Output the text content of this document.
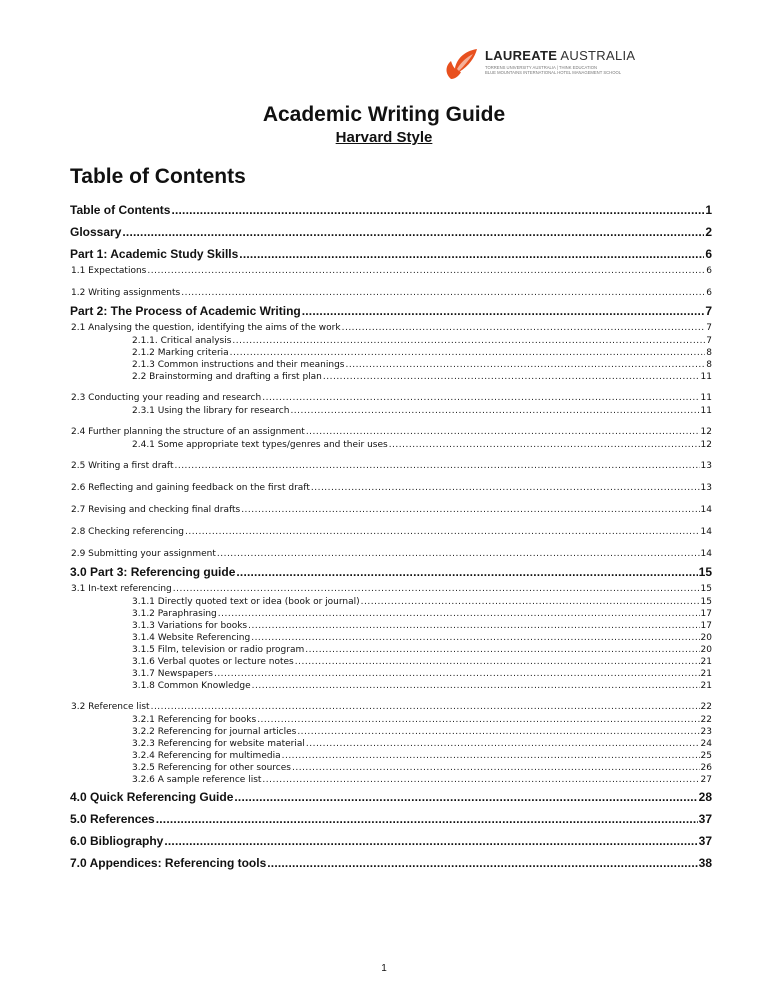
LAUREATE AUSTRALIA
TORRENS UNIVERSITY AUSTRALIA | THINK EDUCATION
BLUE MOUNTAINS INTERNATIONAL HOTEL MANAGEMENT SCHOOL
Academic Writing Guide
Harvard Style
Table of Contents
Table of Contents .....	1
Glossary .....	2
Part 1: Academic Study Skills .....	6
1.1 Expectations .....	6
1.2 Writing assignments .....	6
Part 2: The Process of Academic Writing .....	7
2.1 Analysing the question, identifying the aims of the work .....	7
2.1.1. Critical analysis .....	7
2.1.2 Marking criteria .....	8
2.1.3 Common instructions and their meanings .....	8
2.2 Brainstorming and drafting a first plan .....	11
2.3 Conducting your reading and research .....	11
2.3.1 Using the library for research .....	11
2.4 Further planning the structure of an assignment .....	12
2.4.1 Some appropriate text types/genres and their uses .....	12
2.5 Writing a first draft .....	13
2.6 Reflecting and gaining feedback on the first draft .....	13
2.7 Revising and checking final drafts .....	14
2.8 Checking referencing .....	14
2.9 Submitting your assignment .....	14
3.0 Part 3: Referencing guide .....	15
3.1 In-text referencing .....	15
3.1.1 Directly quoted text or idea (book or journal) .....	15
3.1.2 Paraphrasing .....	17
3.1.3 Variations for books .....	17
3.1.4 Website Referencing .....	20
3.1.5 Film, television or radio program .....	20
3.1.6 Verbal quotes or lecture notes .....	21
3.1.7 Newspapers .....	21
3.1.8 Common Knowledge .....	21
3.2 Reference list .....	22
3.2.1 Referencing for books .....	22
3.2.2 Referencing for journal articles .....	23
3.2.3 Referencing for website material .....	24
3.2.4 Referencing for multimedia .....	25
3.2.5 Referencing for other sources .....	26
3.2.6 A sample reference list .....	27
4.0 Quick Referencing Guide .....	28
5.0 References .....	37
6.0 Bibliography .....	37
7.0 Appendices: Referencing tools .....	38
1
